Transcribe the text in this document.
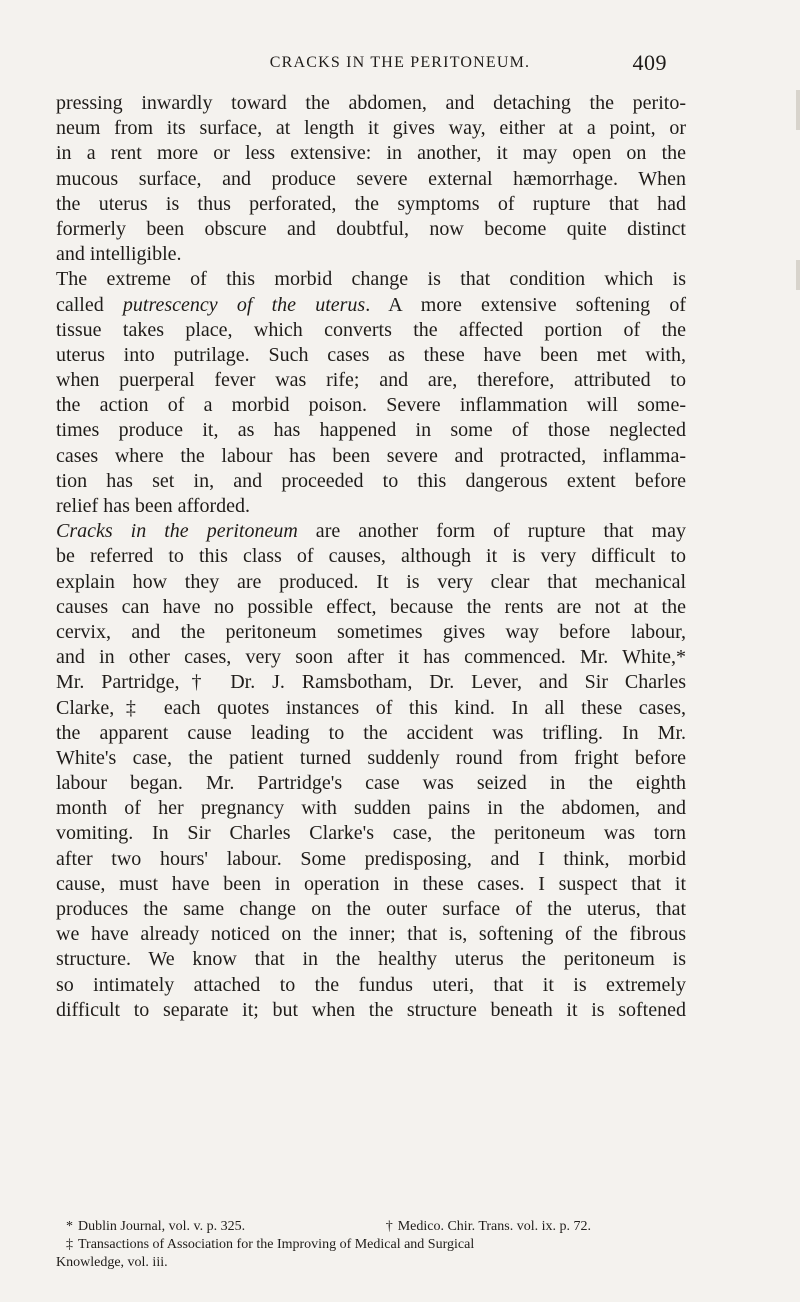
CRACKS IN THE PERITONEUM.	409
pressing inwardly toward the abdomen, and detaching the perito-
neum from its surface, at length it gives way, either at a point, or
in a rent more or less extensive: in another, it may open on the
mucous surface, and produce severe external hæmorrhage. When
the uterus is thus perforated, the symptoms of rupture that had
formerly been obscure and doubtful, now become quite distinct
and intelligible.
The extreme of this morbid change is that condition which is
called putrescency of the uterus. A more extensive softening of
tissue takes place, which converts the affected portion of the
uterus into putrilage. Such cases as these have been met with,
when puerperal fever was rife; and are, therefore, attributed to
the action of a morbid poison. Severe inflammation will some-
times produce it, as has happened in some of those neglected
cases where the labour has been severe and protracted, inflamma-
tion has set in, and proceeded to this dangerous extent before
relief has been afforded.
Cracks in the peritoneum are another form of rupture that may
be referred to this class of causes, although it is very difficult to
explain how they are produced. It is very clear that mechanical
causes can have no possible effect, because the rents are not at the
cervix, and the peritoneum sometimes gives way before labour,
and in other cases, very soon after it has commenced. Mr. White,*
Mr. Partridge,† Dr. J. Ramsbotham, Dr. Lever, and Sir Charles
Clarke,‡ each quotes instances of this kind. In all these cases,
the apparent cause leading to the accident was trifling. In Mr.
White's case, the patient turned suddenly round from fright before
labour began. Mr. Partridge's case was seized in the eighth
month of her pregnancy with sudden pains in the abdomen, and
vomiting. In Sir Charles Clarke's case, the peritoneum was torn
after two hours' labour. Some predisposing, and I think, morbid
cause, must have been in operation in these cases. I suspect that it
produces the same change on the outer surface of the uterus, that
we have already noticed on the inner; that is, softening of the fibrous
structure. We know that in the healthy uterus the peritoneum is
so intimately attached to the fundus uteri, that it is extremely
difficult to separate it; but when the structure beneath it is softened
* Dublin Journal, vol. v. p. 325.	† Medico. Chir. Trans. vol. ix. p. 72.
‡ Transactions of Association for the Improving of Medical and Surgical
Knowledge, vol. iii.
